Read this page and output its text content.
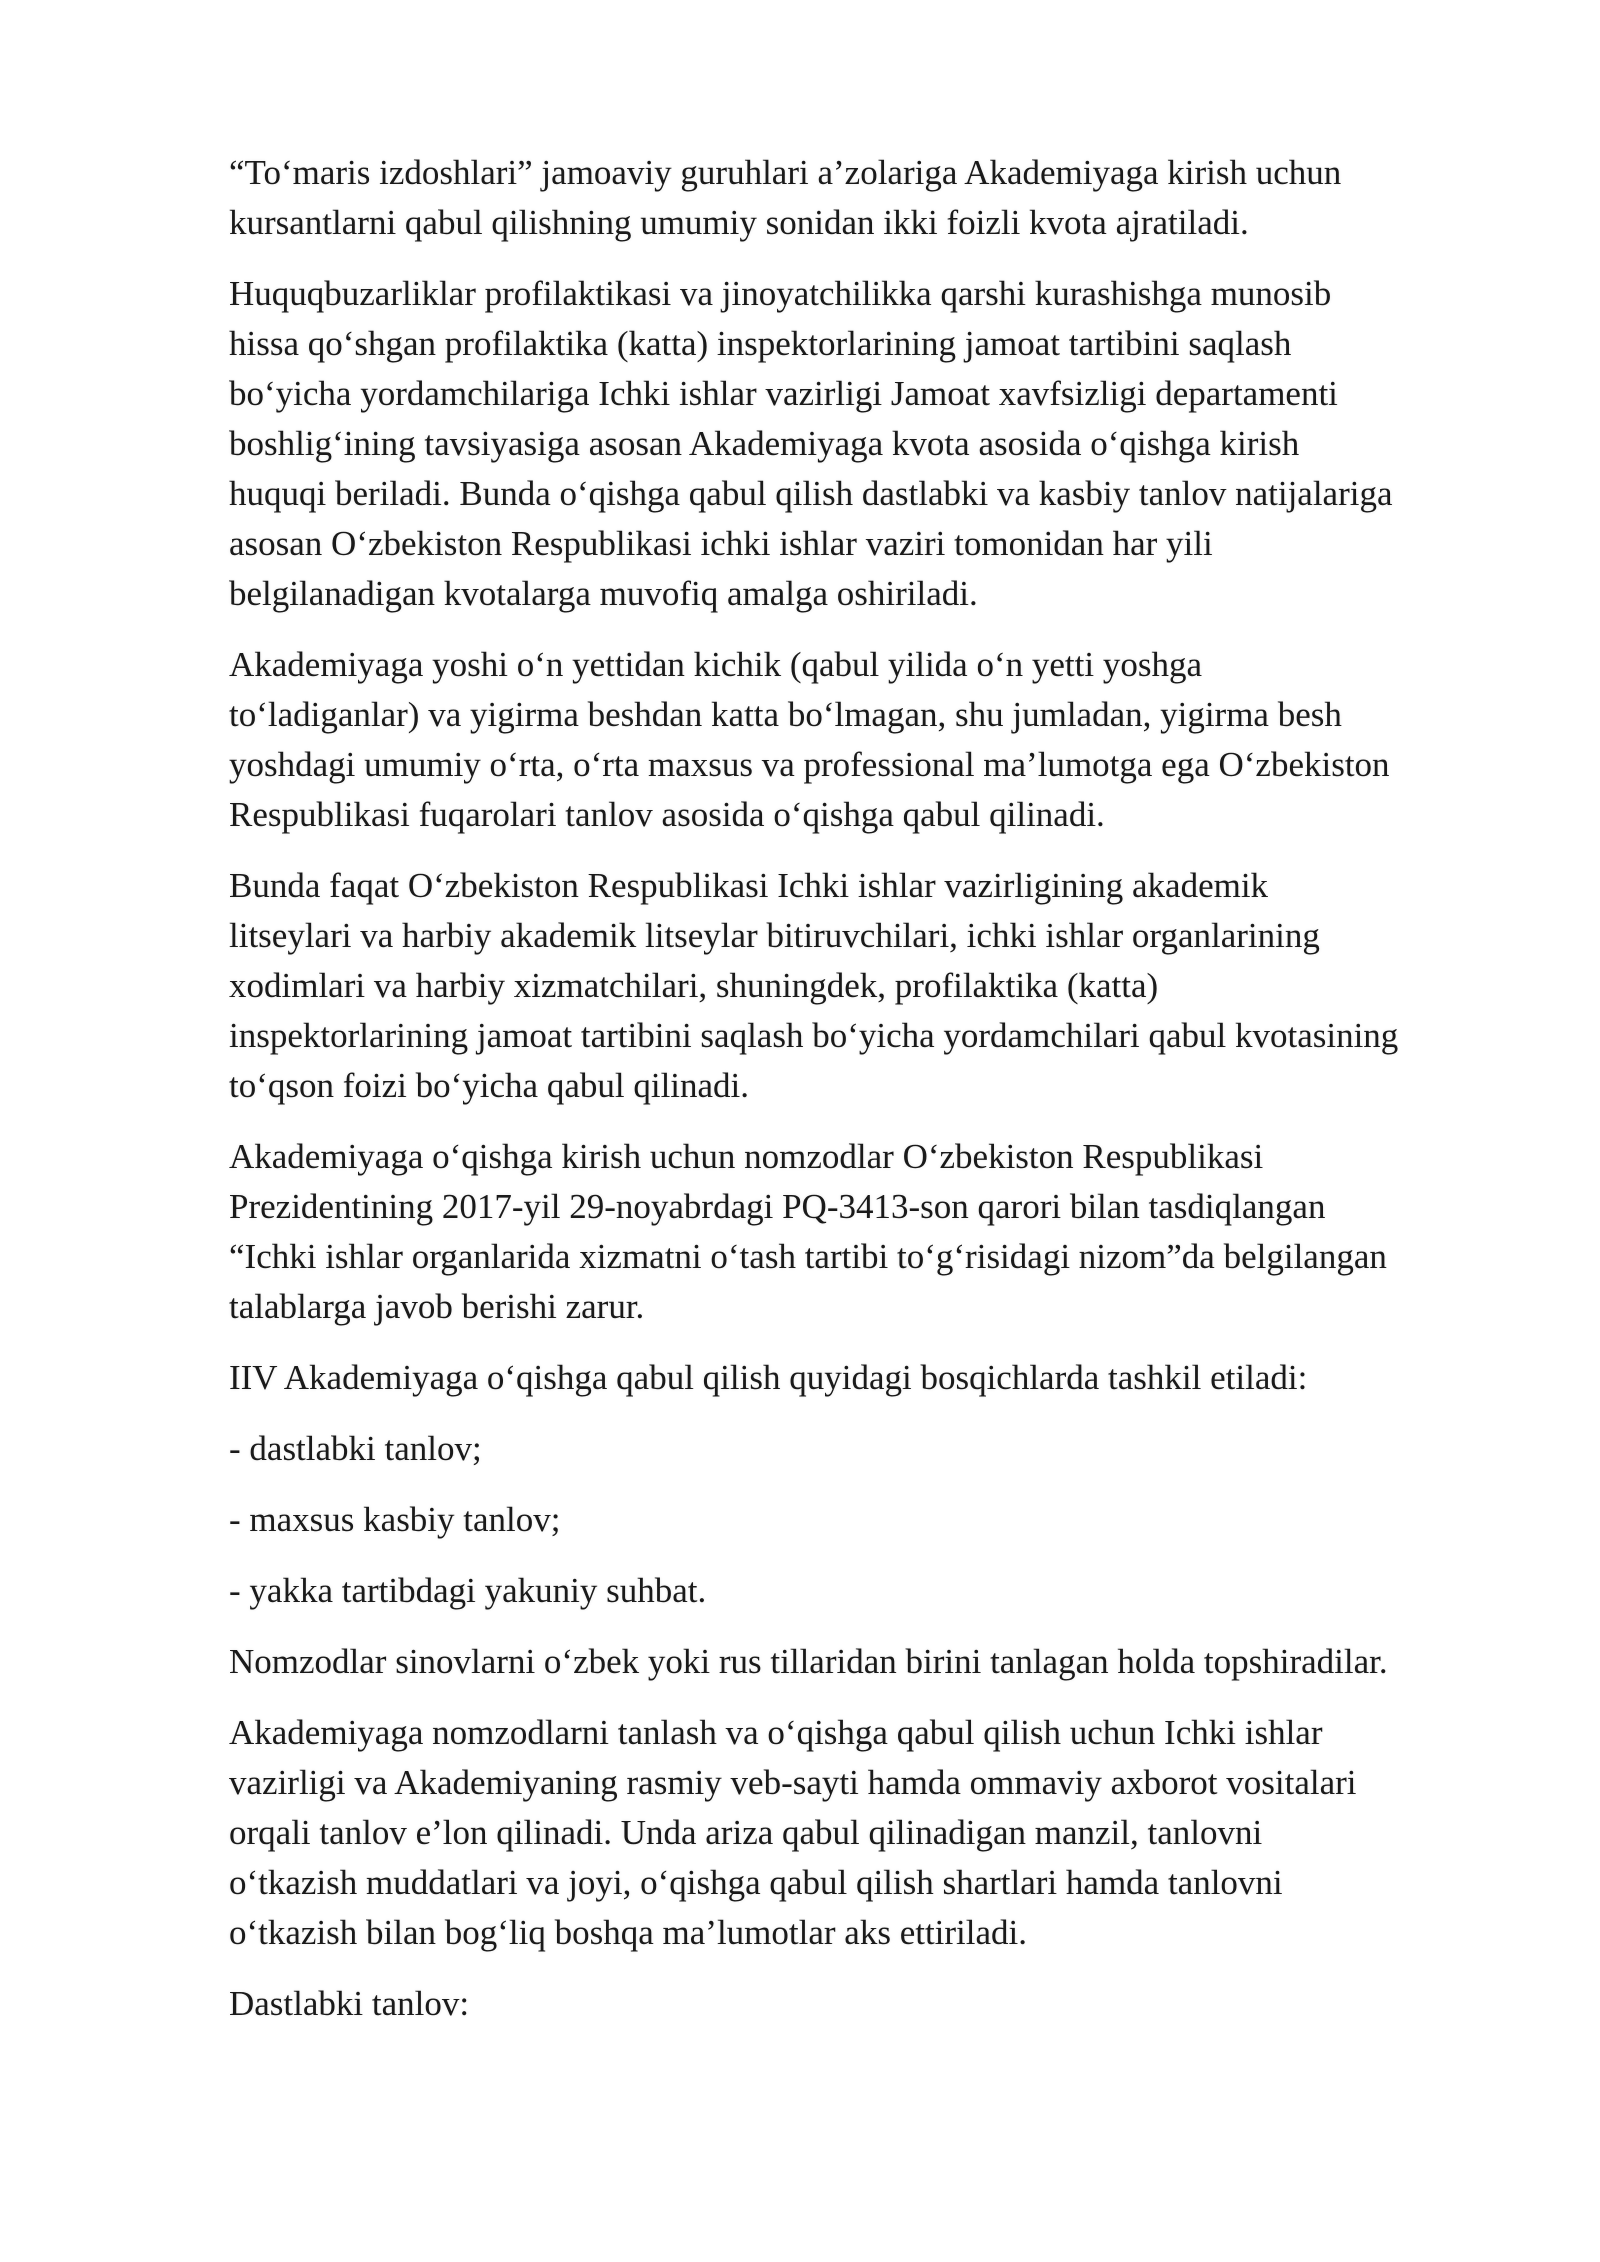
“To‘maris izdoshlari” jamoaviy guruhlari a’zolariga Akademiyaga kirish uchun
kursantlarni qabul qilishning umumiy sonidan ikki foizli kvota ajratiladi.
Huquqbuzarliklar profilaktikasi va jinoyatchilikka qarshi kurashishga munosib
hissa qo‘shgan profilaktika (katta) inspektorlarining jamoat tartibini saqlash
bo‘yicha yordamchilariga Ichki ishlar vazirligi Jamoat xavfsizligi departamenti
boshlig‘ining tavsiyasiga asosan Akademiyaga kvota asosida o‘qishga kirish
huquqi beriladi. Bunda o‘qishga qabul qilish dastlabki va kasbiy tanlov natijalariga
asosan O‘zbekiston Respublikasi ichki ishlar vaziri tomonidan har yili
belgilanadigan kvotalarga muvofiq amalga oshiriladi.
Akademiyaga yoshi o‘n yettidan kichik (qabul yilida o‘n yetti yoshga
to‘ladiganlar) va yigirma beshdan katta bo‘lmagan, shu jumladan, yigirma besh
yoshdagi umumiy o‘rta, o‘rta maxsus va professional ma’lumotga ega O‘zbekiston
Respublikasi fuqarolari tanlov asosida o‘qishga qabul qilinadi.
Bunda faqat O‘zbekiston Respublikasi Ichki ishlar vazirligining akademik
litseylari va harbiy akademik litseylar bitiruvchilari, ichki ishlar organlarining
xodimlari va harbiy xizmatchilari, shuningdek, profilaktika (katta)
inspektorlarining jamoat tartibini saqlash bo‘yicha yordamchilari qabul kvotasining
to‘qson foizi bo‘yicha qabul qilinadi.
Akademiyaga o‘qishga kirish uchun nomzodlar O‘zbekiston Respublikasi
Prezidentining 2017-yil 29-noyabrdagi PQ-3413-son qarori bilan tasdiqlangan
“Ichki ishlar organlarida xizmatni o‘tash tartibi to‘g‘risidagi nizom”da belgilangan
talablarga javob berishi zarur.
IIV Akademiyaga o‘qishga qabul qilish quyidagi bosqichlarda tashkil etiladi:
- dastlabki tanlov;
- maxsus kasbiy tanlov;
- yakka tartibdagi yakuniy suhbat.
Nomzodlar sinovlarni o‘zbek yoki rus tillaridan birini tanlagan holda topshiradilar.
Akademiyaga nomzodlarni tanlash va o‘qishga qabul qilish uchun Ichki ishlar
vazirligi va Akademiyaning rasmiy veb-sayti hamda ommaviy axborot vositalari
orqali tanlov e’lon qilinadi. Unda ariza qabul qilinadigan manzil, tanlovni
o‘tkazish muddatlari va joyi, o‘qishga qabul qilish shartlari hamda tanlovni
o‘tkazish bilan bog‘liq boshqa ma’lumotlar aks ettiriladi.
Dastlabki tanlov:
